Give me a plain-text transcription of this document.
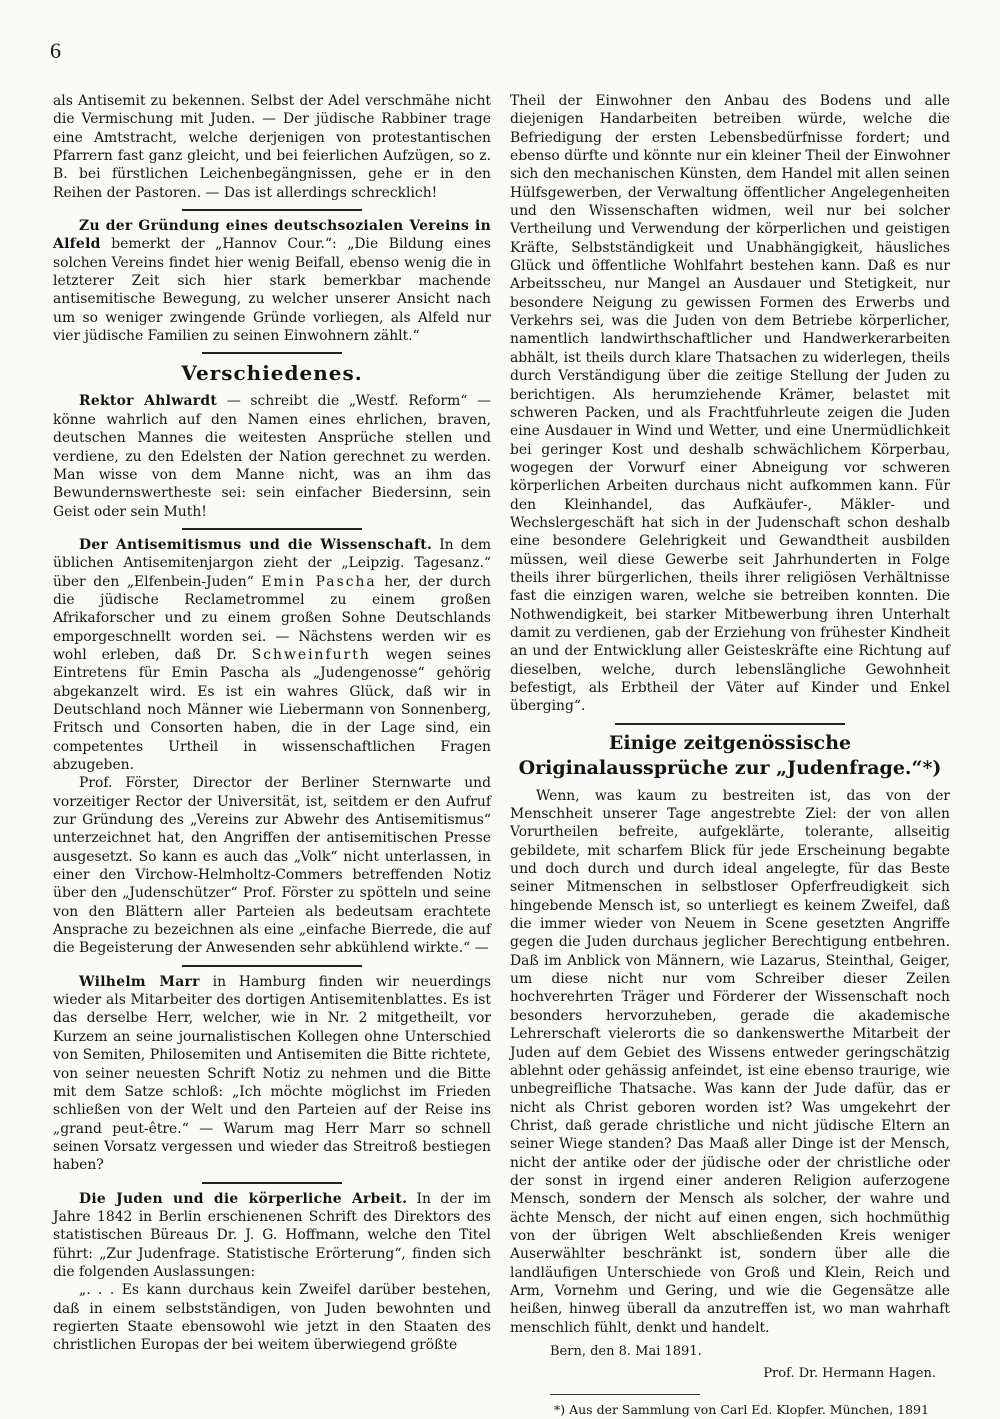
6

als Antisemit zu bekennen. Selbst der Adel verschmähe nicht die Vermischung mit Juden. — Der jüdische Rabbiner trage eine Amtstracht, welche derjenigen von protestantischen Pfarrern fast ganz gleicht, und bei feierlichen Aufzügen, so z. B. bei fürstlichen Leichenbegängnissen, gehe er in den Reihen der Pastoren. — Das ist allerdings schrecklich!

Zu der Gründung eines deutschsozialen Vereins in Alfeld bemerkt der „Hannov Cour.“: „Die Bildung eines solchen Vereins findet hier wenig Beifall, ebenso wenig die in letzterer Zeit sich hier stark bemerkbar machende antisemitische Bewegung, zu welcher unserer Ansicht nach um so weniger zwingende Gründe vorliegen, als Alfeld nur vier jüdische Familien zu seinen Einwohnern zählt.“

Verschiedenes.

Rektor Ahlwardt — schreibt die „Westf. Reform“ — könne wahrlich auf den Namen eines ehrlichen, braven, deutschen Mannes die weitesten Ansprüche stellen und verdiene, zu den Edelsten der Nation gerechnet zu werden. Man wisse von dem Manne nicht, was an ihm das Bewundernswertheste sei: sein einfacher Biedersinn, sein Geist oder sein Muth!

Der Antisemitismus und die Wissenschaft. In dem üblichen Antisemitenjargon zieht der „Leipzig. Tagesanz.“ über den „Elfenbein-Juden“ Emin Pascha her, der durch die jüdische Reclametrommel zu einem großen Afrikaforscher und zu einem großen Sohne Deutschlands emporgeschnellt worden sei. — Nächstens werden wir es wohl erleben, daß Dr. Schweinfurth wegen seines Eintretens für Emin Pascha als „Judengenosse“ gehörig abgekanzelt wird. Es ist ein wahres Glück, daß wir in Deutschland noch Männer wie Liebermann von Sonnenberg, Fritsch und Consorten haben, die in der Lage sind, ein competentes Urtheil in wissenschaftlichen Fragen abzugeben.

Prof. Förster, Director der Berliner Sternwarte und vorzeitiger Rector der Universität, ist, seitdem er den Aufruf zur Gründung des „Vereins zur Abwehr des Antisemitismus“ unterzeichnet hat, den Angriffen der antisemitischen Presse ausgesetzt. So kann es auch das „Volk“ nicht unterlassen, in einer den Virchow-Helmholtz-Commers betreffenden Notiz über den „Judenschützer“ Prof. Förster zu spötteln und seine von den Blättern aller Parteien als bedeutsam erachtete Ansprache zu bezeichnen als eine „einfache Bierrede, die auf die Begeisterung der Anwesenden sehr abkühlend wirkte.“ —

Wilhelm Marr in Hamburg finden wir neuerdings wieder als Mitarbeiter des dortigen Antisemitenblattes. Es ist das derselbe Herr, welcher, wie in Nr. 2 mitgetheilt, vor Kurzem an seine journalistischen Kollegen ohne Unterschied von Semiten, Philosemiten und Antisemiten die Bitte richtete, von seiner neuesten Schrift Notiz zu nehmen und die Bitte mit dem Satze schloß: „Ich möchte möglichst im Frieden schließen von der Welt und den Parteien auf der Reise ins „grand peut-être.“ — Warum mag Herr Marr so schnell seinen Vorsatz vergessen und wieder das Streitroß bestiegen haben?

Die Juden und die körperliche Arbeit. In der im Jahre 1842 in Berlin erschienenen Schrift des Direktors des statistischen Büreaus Dr. J. G. Hoffmann, welche den Titel führt: „Zur Judenfrage. Statistische Erörterung“, finden sich die folgenden Auslassungen:

„. . . Es kann durchaus kein Zweifel darüber bestehen, daß in einem selbstständigen, von Juden bewohnten und regierten Staate ebensowohl wie jetzt in den Staaten des christlichen Europas der bei weitem überwiegend größte

Theil der Einwohner den Anbau des Bodens und alle diejenigen Handarbeiten betreiben würde, welche die Befriedigung der ersten Lebensbedürfnisse fordert; und ebenso dürfte und könnte nur ein kleiner Theil der Einwohner sich den mechanischen Künsten, dem Handel mit allen seinen Hülfsgewerben, der Verwaltung öffentlicher Angelegenheiten und den Wissenschaften widmen, weil nur bei solcher Vertheilung und Verwendung der körperlichen und geistigen Kräfte, Selbstständigkeit und Unabhängigkeit, häusliches Glück und öffentliche Wohlfahrt bestehen kann. Daß es nur Arbeitsscheu, nur Mangel an Ausdauer und Stetigkeit, nur besondere Neigung zu gewissen Formen des Erwerbs und Verkehrs sei, was die Juden von dem Betriebe körperlicher, namentlich landwirthschaftlicher und Handwerkerarbeiten abhält, ist theils durch klare Thatsachen zu widerlegen, theils durch Verständigung über die zeitige Stellung der Juden zu berichtigen. Als herumziehende Krämer, belastet mit schweren Packen, und als Frachtfuhrleute zeigen die Juden eine Ausdauer in Wind und Wetter, und eine Unermüdlichkeit bei geringer Kost und deshalb schwächlichem Körperbau, wogegen der Vorwurf einer Abneigung vor schweren körperlichen Arbeiten durchaus nicht aufkommen kann. Für den Kleinhandel, das Aufkäufer-, Mäkler- und Wechslergeschäft hat sich in der Judenschaft schon deshalb eine besondere Gelehrigkeit und Gewandtheit ausbilden müssen, weil diese Gewerbe seit Jahrhunderten in Folge theils ihrer bürgerlichen, theils ihrer religiösen Verhältnisse fast die einzigen waren, welche sie betreiben konnten. Die Nothwendigkeit, bei starker Mitbewerbung ihren Unterhalt damit zu verdienen, gab der Erziehung von frühester Kindheit an und der Entwicklung aller Geisteskräfte eine Richtung auf dieselben, welche, durch lebenslängliche Gewohnheit befestigt, als Erbtheil der Väter auf Kinder und Enkel überging“.

Einige zeitgenössische Originalaussprüche zur „Judenfrage.“*)

Wenn, was kaum zu bestreiten ist, das von der Menschheit unserer Tage angestrebte Ziel: der von allen Vorurtheilen befreite, aufgeklärte, tolerante, allseitig gebildete, mit scharfem Blick für jede Erscheinung begabte und doch durch und durch ideal angelegte, für das Beste seiner Mitmenschen in selbstloser Opferfreudigkeit sich hingebende Mensch ist, so unterliegt es keinem Zweifel, daß die immer wieder von Neuem in Scene gesetzten Angriffe gegen die Juden durchaus jeglicher Berechtigung entbehren. Daß im Anblick von Männern, wie Lazarus, Steinthal, Geiger, um diese nicht nur vom Schreiber dieser Zeilen hochverehrten Träger und Förderer der Wissenschaft noch besonders hervorzuheben, gerade die akademische Lehrerschaft vielerorts die so dankenswerthe Mitarbeit der Juden auf dem Gebiet des Wissens entweder geringschätzig ablehnt oder gehässig anfeindet, ist eine ebenso traurige, wie unbegreifliche Thatsache. Was kann der Jude dafür, das er nicht als Christ geboren worden ist? Was umgekehrt der Christ, daß gerade christliche und nicht jüdische Eltern an seiner Wiege standen? Das Maaß aller Dinge ist der Mensch, nicht der antike oder der jüdische oder der christliche oder der sonst in irgend einer anderen Religion auferzogene Mensch, sondern der Mensch als solcher, der wahre und ächte Mensch, der nicht auf einen engen, sich hochmüthig von der übrigen Welt abschließenden Kreis weniger Auserwählter beschränkt ist, sondern über alle die landläufigen Unterschiede von Groß und Klein, Reich und Arm, Vornehm und Gering, und wie die Gegensätze alle heißen, hinweg überall da anzutreffen ist, wo man wahrhaft menschlich fühlt, denkt und handelt.

Bern, den 8. Mai 1891.
Prof. Dr. Hermann Hagen.
*) Aus der Sammlung von Carl Ed. Klopfer. München, 1891
